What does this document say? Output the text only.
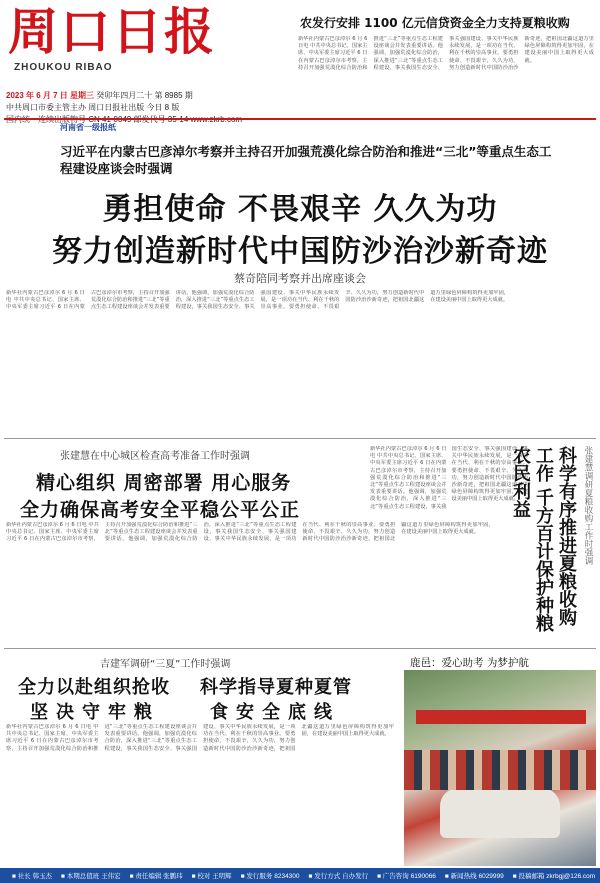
周口日报
ZHOUKOU RIBAO
2023 年 6 月 7 日 星期三 癸卯年四月二十 第 8985 期
中共周口市委主管主办 周口日报社出版 今日 8 版
河南省一级报纸
农发行安排 1100 亿元信贷资金全力支持夏粮收购
新华社内蒙古巴彦淖尔 6 月 6 日电 中共中央总书记、国家主席、中央军委主席习近平 6 日在内蒙古巴彦淖尔市考察，主持召开加强荒漠化综合防治和推进“三北”等重点生态工程建设座谈会并发表重要讲话。他强调，加强荒漠化综合防治，深入推进“三北”等重点生态工程建设，事关我国生态安全、事关强国建设、事关中华民族永续发展，是一项功在当代、利在千秋的崇高事业。要勇担使命、不畏艰辛、久久为功，努力创造新时代中国防沙治沙新奇迹，把祖国北疆这道万里绿色屏障构筑得更加牢固，在建设美丽中国上取得更大成就。
习近平在内蒙古巴彦淖尔考察并主持召开加强荒漠化综合防治和推进“三北”等重点生态工程建设座谈会时强调
勇担使命 不畏艰辛 久久为功
努力创造新时代中国防沙治沙新奇迹
蔡奇陪同考察并出席座谈会
新华社内蒙古巴彦淖尔 6 月 6 日电 中共中央总书记、国家主席、中央军委主席习近平 6 日在内蒙古巴彦淖尔市考察，主持召开加强荒漠化综合防治和推进“三北”等重点生态工程建设座谈会并发表重要讲话。他强调，加强荒漠化综合防治，深入推进“三北”等重点生态工程建设，事关我国生态安全、事关强国建设、事关中华民族永续发展，是一项功在当代、利在千秋的崇高事业。要勇担使命、不畏艰辛、久久为功，努力创造新时代中国防沙治沙新奇迹，把祖国北疆这道万里绿色屏障构筑得更加牢固，在建设美丽中国上取得更大成就。
张建慧在中心城区检查高考准备工作时强调
精心组织 周密部署 用心服务
全力确保高考安全平稳公平公正
新华社内蒙古巴彦淖尔 6 月 6 日电 中共中央总书记、国家主席、中央军委主席习近平 6 日在内蒙古巴彦淖尔市考察，主持召开加强荒漠化综合防治和推进“三北”等重点生态工程建设座谈会并发表重要讲话。他强调，加强荒漠化综合防治，深入推进“三北”等重点生态工程建设，事关我国生态安全、事关强国建设、事关中华民族永续发展，是一项功在当代、利在千秋的崇高事业。要勇担使命、不畏艰辛、久久为功，努力创造新时代中国防沙治沙新奇迹，把祖国北疆这道万里绿色屏障构筑得更加牢固，在建设美丽中国上取得更大成就。
新华社内蒙古巴彦淖尔 6 月 6 日电 中共中央总书记、国家主席、中央军委主席习近平 6 日在内蒙古巴彦淖尔市考察，主持召开加强荒漠化综合防治和推进“三北”等重点生态工程建设座谈会并发表重要讲话。他强调，加强荒漠化综合防治，深入推进“三北”等重点生态工程建设，事关我国生态安全、事关强国建设、事关中华民族永续发展，是一项功在当代、利在千秋的崇高事业。要勇担使命、不畏艰辛、久久为功，努力创造新时代中国防沙治沙新奇迹，把祖国北疆这道万里绿色屏障构筑得更加牢固，在建设美丽中国上取得更大成就。	科学有序推进夏粮收购工作 千方百计保护种粮农民利益	张建慧调研夏粮收购工作时强调
吉建军调研“三夏”工作时强调
全力以赴组织抢收
坚决守牢粮
科学指导夏种夏管
食安全底线
新华社内蒙古巴彦淖尔 6 月 6 日电 中共中央总书记、国家主席、中央军委主席习近平 6 日在内蒙古巴彦淖尔市考察，主持召开加强荒漠化综合防治和推进“三北”等重点生态工程建设座谈会并发表重要讲话。他强调，加强荒漠化综合防治，深入推进“三北”等重点生态工程建设，事关我国生态安全、事关强国建设、事关中华民族永续发展，是一项功在当代、利在千秋的崇高事业。要勇担使命、不畏艰辛、久久为功，努力创造新时代中国防沙治沙新奇迹，把祖国北疆这道万里绿色屏障构筑得更加牢固，在建设美丽中国上取得更大成就。
鹿邑：爱心助考 为梦护航
■ 社长 韩玉杰 ■ 本期总值班 王伟宏 ■ 责任编辑 张鹏玮 ■ 校对 王明辉 ■ 发行服务 8234300 ■ 发行方式 自办发行 ■ 广告咨询 6190066 ■ 新闻热线 6029999 ■ 投稿邮箱 zkrbgj@126.com
